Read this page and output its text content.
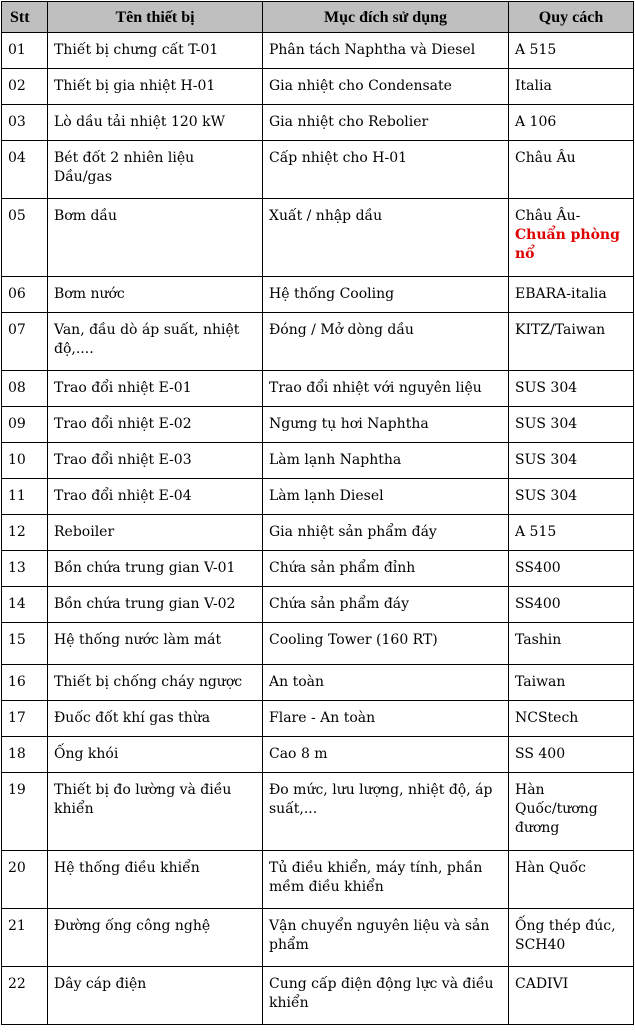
Stt	Tên thiết bị	Mục đích sử dụng	Quy cách
01	Thiết bị chưng cất T-01	Phân tách Naphtha và Diesel	A 515
02	Thiết bị gia nhiệt H-01	Gia nhiệt cho Condensate	Italia
03	Lò dầu tải nhiệt 120 kW	Gia nhiệt cho Rebolier	A 106
04	Bét đốt 2 nhiên liệu Dầu/gas	Cấp nhiệt cho H-01	Châu Âu
05	Bơm dầu	Xuất / nhập dầu	Châu Âu-
Chuẩn phòng nổ
06	Bơm nước	Hệ thống Cooling	EBARA-italia
07	Van, đầu dò áp suất, nhiệt độ,....	Đóng / Mở dòng dầu	KITZ/Taiwan
08	Trao đổi nhiệt E-01	Trao đổi nhiệt với nguyên liệu	SUS 304
09	Trao đổi nhiệt E-02	Ngưng tụ hơi Naphtha	SUS 304
10	Trao đổi nhiệt E-03	Làm lạnh Naphtha	SUS 304
11	Trao đổi nhiệt E-04	Làm lạnh Diesel	SUS 304
12	Reboiler	Gia nhiệt sản phẩm đáy	A 515
13	Bồn chứa trung gian V-01	Chứa sản phẩm đỉnh	SS400
14	Bồn chứa trung gian V-02	Chứa sản phẩm đáy	SS400
15	Hệ thống nước làm mát	Cooling Tower (160 RT)	Tashin
16	Thiết bị chống cháy ngược	An toàn	Taiwan
17	Đuốc đốt khí gas thừa	Flare - An toàn	NCStech
18	Ống khói	Cao 8 m	SS 400
19	Thiết bị đo lường và điều khiển	Đo mức, lưu lượng, nhiệt độ, áp suất,...	Hàn Quốc/tương đương
20	Hệ thống điều khiển	Tủ điều khiển, máy tính, phần mềm điều khiển	Hàn Quốc
21	Đường ống công nghệ	Vận chuyển nguyên liệu và sản phẩm	Ống thép đúc, SCH40
22	Dây cáp điện	Cung cấp điện động lực và điều khiển	CADIVI
